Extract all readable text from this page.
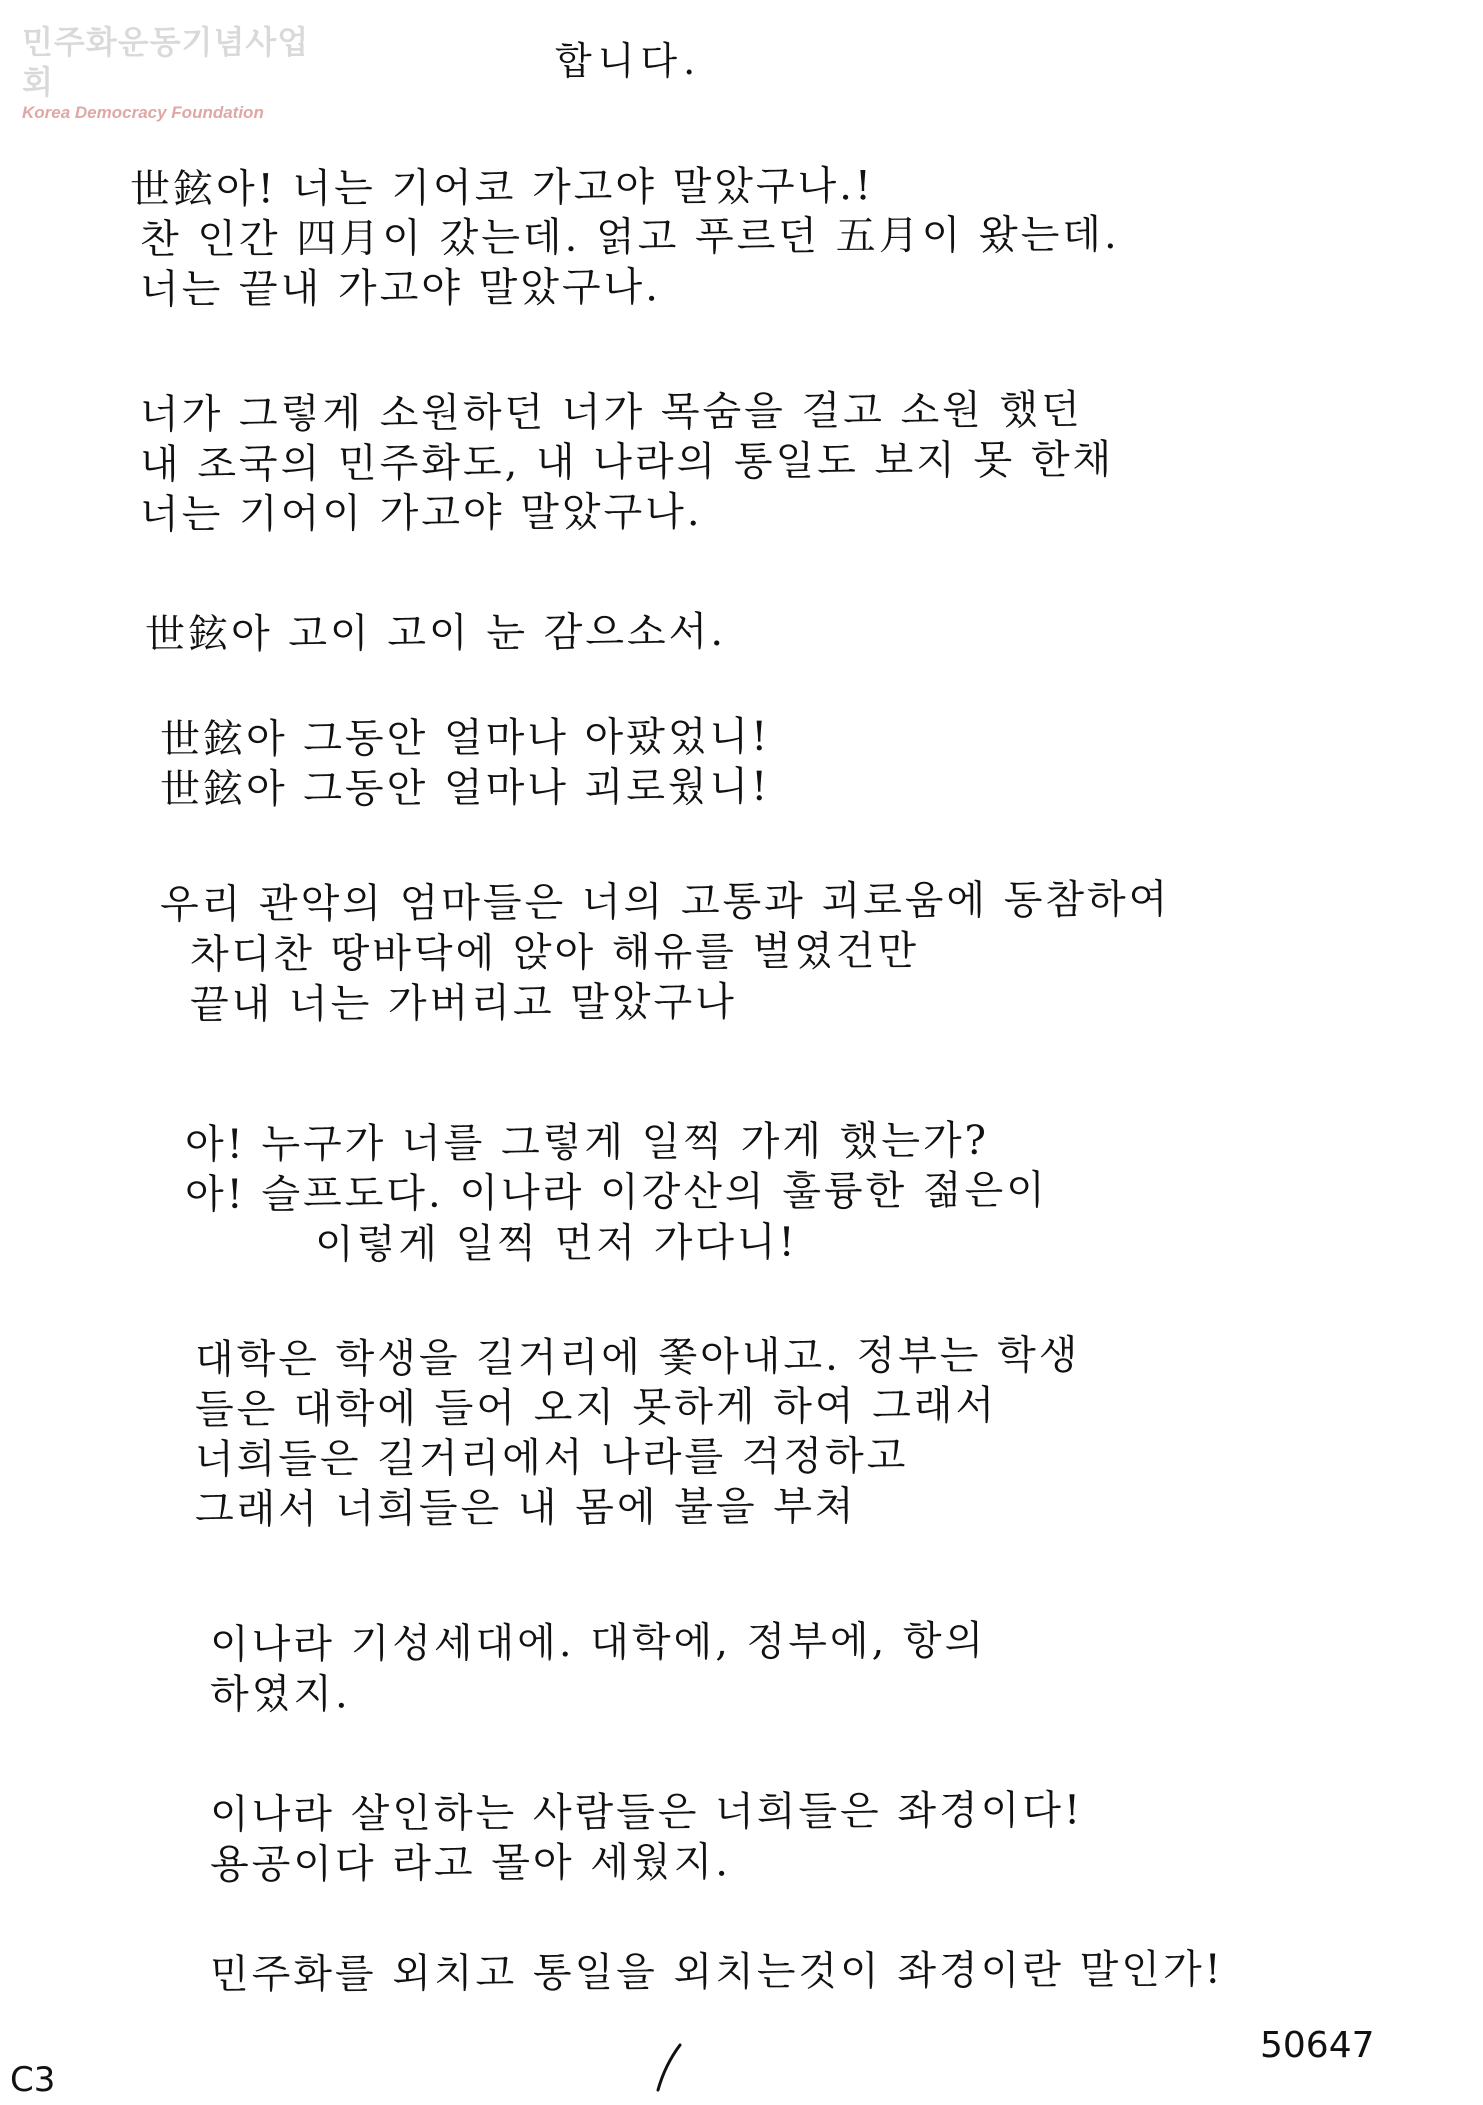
민주화운동기념사업회
Korea Democracy Foundation
합니다.
世鉉아! 너는 기어코 가고야 말았구나.!
찬 인간 四月이 갔는데. 얽고 푸르던 五月이 왔는데.
너는 끝내 가고야 말았구나.
너가 그렇게 소원하던 너가 목숨을 걸고 소원 했던
내 조국의 민주화도, 내 나라의 통일도 보지 못 한채
너는 기어이 가고야 말았구나.
世鉉아 고이 고이 눈 감으소서.
世鉉아 그동안 얼마나 아팠었니!
世鉉아 그동안 얼마나 괴로웠니!
우리 관악의 엄마들은 너의 고통과 괴로움에 동참하여
차디찬 땅바닥에 앉아 해유를 벌였건만
끝내 너는 가버리고 말았구나
아! 누구가 너를 그렇게 일찍 가게 했는가?
아! 슬프도다. 이나라 이강산의 훌륭한 젊은이
이렇게 일찍 먼저 가다니!
대학은 학생을 길거리에 쫓아내고. 정부는 학생
들은 대학에 들어 오지 못하게 하여 그래서
너희들은 길거리에서 나라를 걱정하고
그래서 너희들은 내 몸에 불을 부쳐
이나라 기성세대에. 대학에, 정부에, 항의
하였지.
이나라 살인하는 사람들은 너희들은 좌경이다!
용공이다 라고 몰아 세웠지.
민주화를 외치고 통일을 외치는것이 좌경이란 말인가!
50647
C3
